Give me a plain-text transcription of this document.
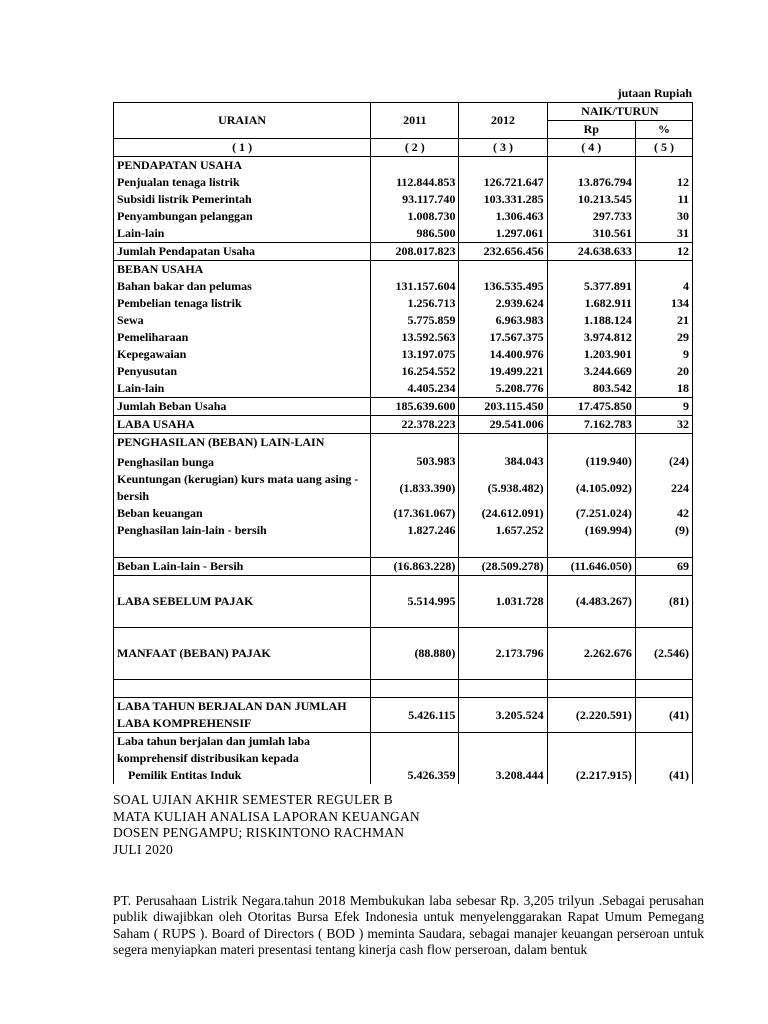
jutaan Rupiah
URAIAN	2011	2012	NAIK/TURUN	
			Rp	%
( 1 )	( 2 )	( 3 )	( 4 )	( 5 )
PENDAPATAN USAHA				
Penjualan tenaga listrik	112.844.853	126.721.647	13.876.794	12
Subsidi listrik Pemerintah	93.117.740	103.331.285	10.213.545	11
Penyambungan pelanggan	1.008.730	1.306.463	297.733	30
Lain-lain	986.500	1.297.061	310.561	31
Jumlah Pendapatan Usaha	208.017.823	232.656.456	24.638.633	12
BEBAN USAHA				
Bahan bakar dan pelumas	131.157.604	136.535.495	5.377.891	4
Pembelian tenaga listrik	1.256.713	2.939.624	1.682.911	134
Sewa	5.775.859	6.963.983	1.188.124	21
Pemeliharaan	13.592.563	17.567.375	3.974.812	29
Kepegawaian	13.197.075	14.400.976	1.203.901	9
Penyusutan	16.254.552	19.499.221	3.244.669	20
Lain-lain	4.405.234	5.208.776	803.542	18
Jumlah Beban Usaha	185.639.600	203.115.450	17.475.850	9
LABA USAHA	22.378.223	29.541.006	7.162.783	32
PENGHASILAN (BEBAN) LAIN-LAIN				
Penghasilan bunga	503.983	384.043	(119.940)	(24)
Keuntungan (kerugian) kurs mata uang asing - bersih	(1.833.390)	(5.938.482)	(4.105.092)	224
Beban keuangan	(17.361.067)	(24.612.091)	(7.251.024)	42
Penghasilan lain-lain - bersih	1.827.246	1.657.252	(169.994)	(9)

Beban Lain-lain - Bersih	(16.863.228)	(28.509.278)	(11.646.050)	69

LABA SEBELUM PAJAK	5.514.995	1.031.728	(4.483.267)	(81)

MANFAAT (BEBAN) PAJAK	(88.880)	2.173.796	2.262.676	(2.546)

LABA TAHUN BERJALAN DAN JUMLAH LABA KOMPREHENSIF	5.426.115	3.205.524	(2.220.591)	(41)
Laba tahun berjalan dan jumlah laba komprehensif distribusikan kepada				
Pemilik Entitas Induk	5.426.359	3.208.444	(2.217.915)	(41)
SOAL UJIAN AKHIR SEMESTER REGULER B
MATA KULIAH ANALISA LAPORAN KEUANGAN
DOSEN PENGAMPU; RISKINTONO RACHMAN
JULI 2020
PT. Perusahaan Listrik Negara.tahun 2018 Membukukan laba sebesar Rp. 3,205 trilyun .Sebagai perusahan publik diwajibkan oleh Otoritas Bursa Efek Indonesia untuk menyelenggarakan Rapat Umum Pemegang Saham ( RUPS ). Board of Directors ( BOD ) meminta Saudara, sebagai manajer keuangan perseroan untuk segera menyiapkan materi presentasi tentang kinerja cash flow perseroan, dalam bentuk
